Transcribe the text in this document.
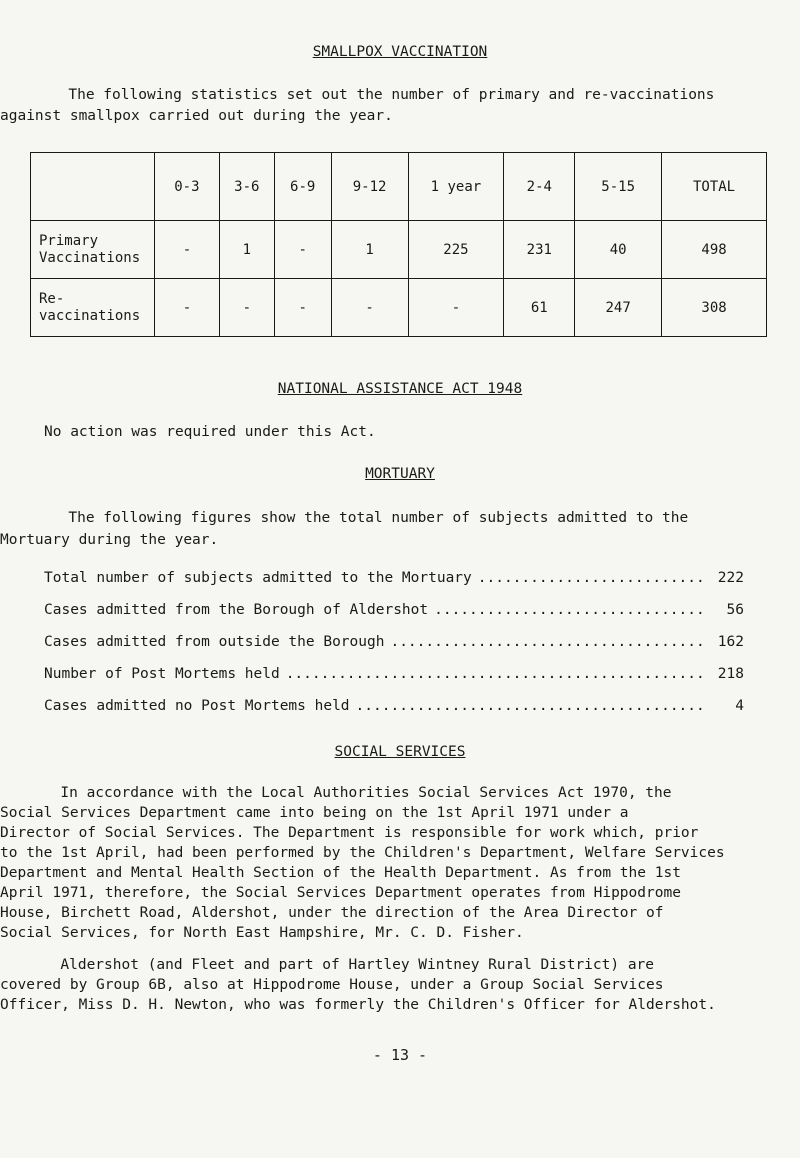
SMALLPOX VACCINATION

The following statistics set out the number of primary and re-vaccinations

against smallpox carried out during the year.

	0-3	3-6	6-9	9-12	1 year	2-4	5-15	TOTAL
Primary
Vaccinations	-	1	-	1	225	231	40	498
Re-
vaccinations	-	-	-	-	-	61	247	308
NATIONAL ASSISTANCE ACT 1948

No action was required under this Act.

MORTUARY

The following figures show the total number of subjects admitted to the

Mortuary during the year.

Total number of subjects admitted to the Mortuary .....	222
Cases admitted from the Borough of Aldershot .....	56
Cases admitted from outside the Borough .....	162
Number of Post Mortems held .....	218
Cases admitted no Post Mortems held .....	4
SOCIAL SERVICES

In accordance with the Local Authorities Social Services Act 1970, the

Social Services Department came into being on the 1st April 1971 under a

Director of Social Services. The Department is responsible for work which, prior

to the 1st April, had been performed by the Children's Department, Welfare Services

Department and Mental Health Section of the Health Department. As from the 1st

April 1971, therefore, the Social Services Department operates from Hippodrome

House, Birchett Road, Aldershot, under the direction of the Area Director of

Social Services, for North East Hampshire, Mr. C. D. Fisher.

Aldershot (and Fleet and part of Hartley Wintney Rural District) are

covered by Group 6B, also at Hippodrome House, under a Group Social Services

Officer, Miss D. H. Newton, who was formerly the Children's Officer for Aldershot.

- 13 -
